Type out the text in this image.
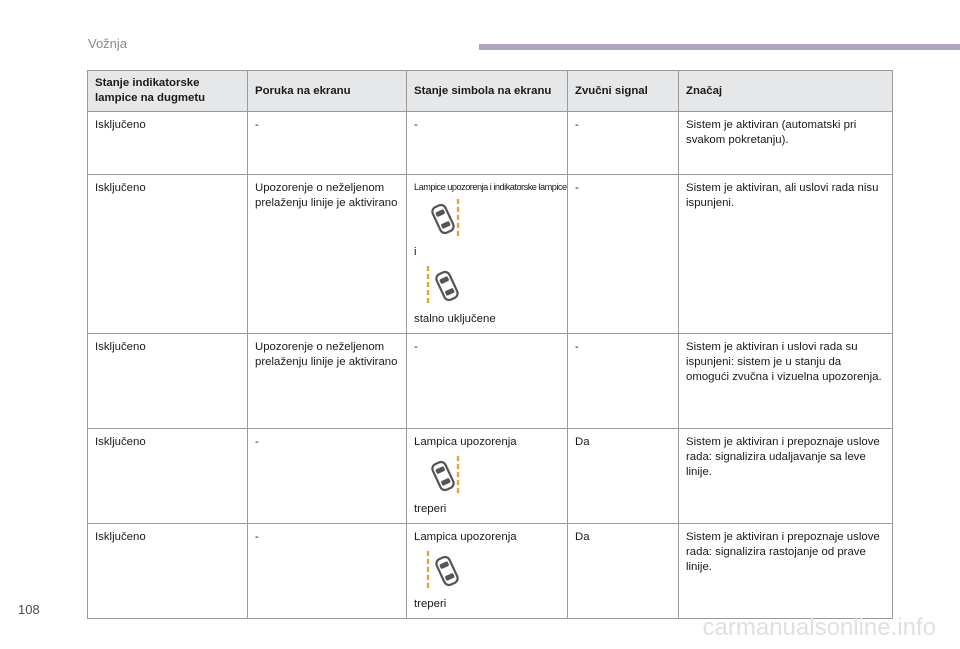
Vožnja
Stanje indikatorske lampice na dugmetu	Poruka na ekranu	Stanje simbola na ekranu	Zvučni signal	Značaj
Isključeno	-	-	-	Sistem je aktiviran (automatski pri svakom pokretanju).
Isključeno	Upozorenje o neželjenom prelaženju linije je aktivirano	Lampice upozorenja i indikatorske lampice
i
stalno uključene	-	Sistem je aktiviran, ali uslovi rada nisu ispunjeni.
Isključeno	Upozorenje o neželjenom prelaženju linije je aktivirano	-	-	Sistem je aktiviran i uslovi rada su ispunjeni: sistem je u stanju da omogući zvučna i vizuelna upozorenja.
Isključeno	-	Lampica upozorenja
treperi	Da	Sistem je aktiviran i prepoznaje uslove rada: signalizira udaljavanje sa leve linije.
Isključeno	-	Lampica upozorenja
treperi	Da	Sistem je aktiviran i prepoznaje uslove rada: signalizira rastojanje od prave linije.
108
carmanualsonline.info
